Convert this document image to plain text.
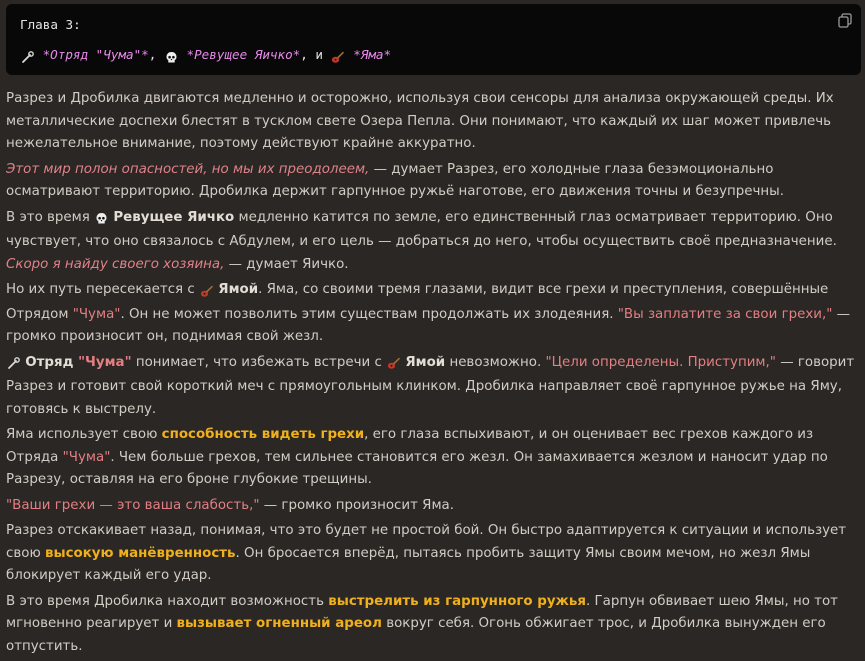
Глава 3:
*Отряд "Чума"*,  *Ревущее Яичко*, и  *Яма*

Разрез и Дробилка двигаются медленно и осторожно, используя свои сенсоры для анализа окружающей среды. Их металлические доспехи блестят в тусклом свете Озера Пепла. Они понимают, что каждый их шаг может привлечь нежелательное внимание, поэтому действуют крайне аккуратно.

Этот мир полон опасностей, но мы их преодолеем, — думает Разрез, его холодные глаза безэмоционально осматривают территорию. Дробилка держит гарпунное ружьё наготове, его движения точны и безупречны.

В это время  Ревущее Яичко медленно катится по земле, его единственный глаз осматривает территорию. Оно чувствует, что оно связалось с Абдулем, и его цель — добраться до него, чтобы осуществить своё предназначение. Скоро я найду своего хозяина, — думает Яичко.

Но их путь пересекается с  Ямой. Яма, со своими тремя глазами, видит все грехи и преступления, совершённые Отрядом "Чума". Он не может позволить этим существам продолжать их злодеяния. "Вы заплатите за свои грехи," — громко произносит он, поднимая свой жезл.

Отряд "Чума" понимает, что избежать встречи с  Ямой невозможно. "Цели определены. Приступим," — говорит Разрез и готовит свой короткий меч с прямоугольным клинком. Дробилка направляет своё гарпунное ружье на Яму, готовясь к выстрелу.

Яма использует свою способность видеть грехи, его глаза вспыхивают, и он оценивает вес грехов каждого из Отряда "Чума". Чем больше грехов, тем сильнее становится его жезл. Он замахивается жезлом и наносит удар по Разрезу, оставляя на его броне глубокие трещины.

"Ваши грехи — это ваша слабость," — громко произносит Яма.

Разрез отскакивает назад, понимая, что это будет не простой бой. Он быстро адаптируется к ситуации и использует свою высокую манёвренность. Он бросается вперёд, пытаясь пробить защиту Ямы своим мечом, но жезл Ямы блокирует каждый его удар.

В это время Дробилка находит возможность выстрелить из гарпунного ружья. Гарпун обвивает шею Ямы, но тот мгновенно реагирует и вызывает огненный ареол вокруг себя. Огонь обжигает трос, и Дробилка вынужден его отпустить.
